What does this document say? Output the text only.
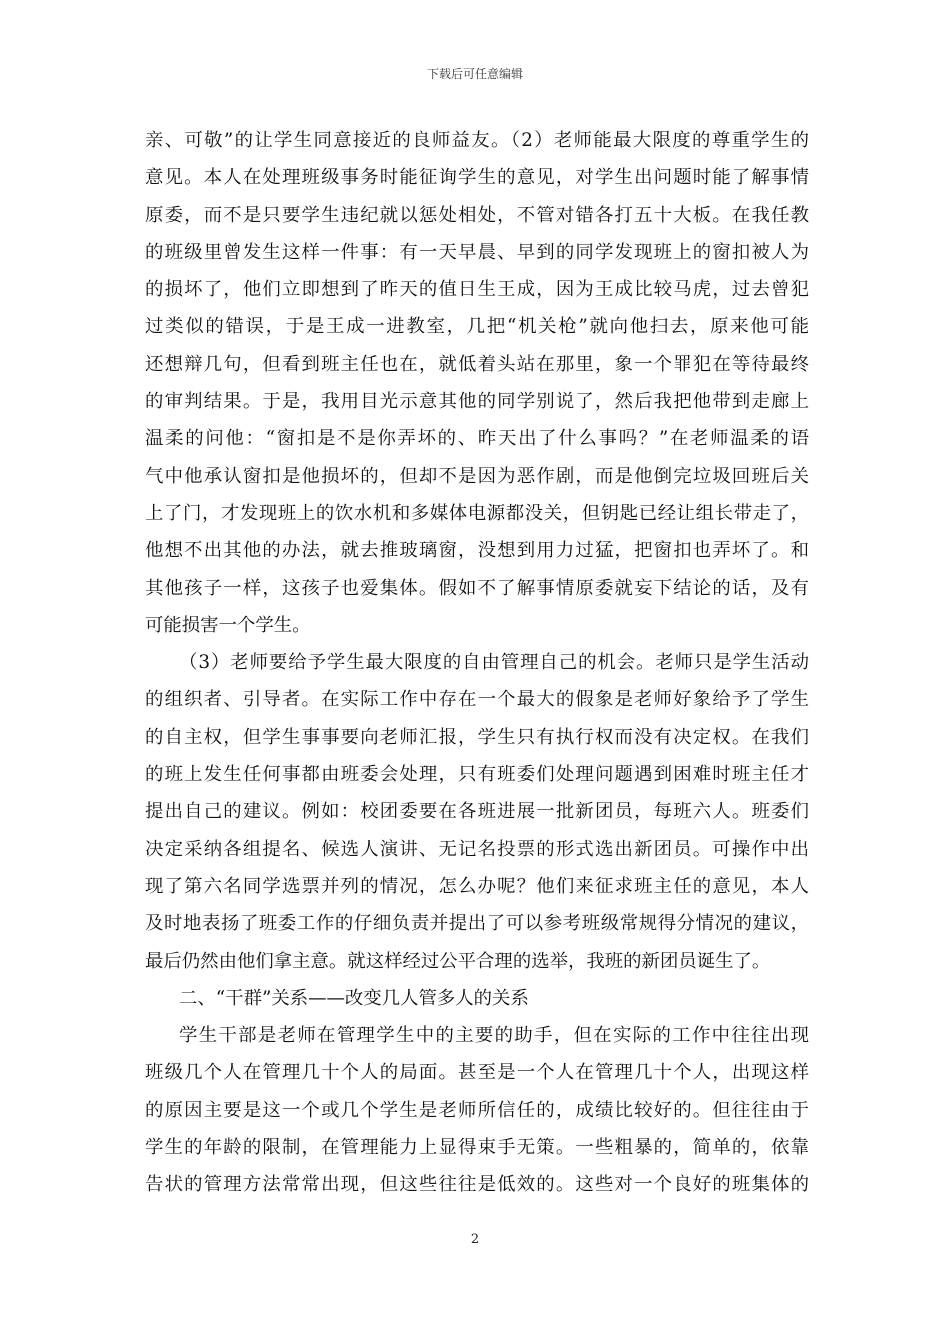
下载后可任意编辑
亲、可敬”的让学生同意接近的良师益友。（2）老师能最大限度的尊重学生的
意见。本人在处理班级事务时能征询学生的意见，对学生出问题时能了解事情
原委，而不是只要学生违纪就以惩处相处，不管对错各打五十大板。在我任教
的班级里曾发生这样一件事：有一天早晨、早到的同学发现班上的窗扣被人为
的损坏了，他们立即想到了昨天的值日生王成，因为王成比较马虎，过去曾犯
过类似的错误，于是王成一进教室，几把“机关枪”就向他扫去，原来他可能
还想辩几句，但看到班主任也在，就低着头站在那里，象一个罪犯在等待最终
的审判结果。于是，我用目光示意其他的同学别说了，然后我把他带到走廊上
温柔的问他：“窗扣是不是你弄坏的、昨天出了什么事吗？”在老师温柔的语
气中他承认窗扣是他损坏的，但却不是因为恶作剧，而是他倒完垃圾回班后关
上了门，才发现班上的饮水机和多媒体电源都没关，但钥匙已经让组长带走了，
他想不出其他的办法，就去推玻璃窗，没想到用力过猛，把窗扣也弄坏了。和
其他孩子一样，这孩子也爱集体。假如不了解事情原委就妄下结论的话，及有
可能损害一个学生。
（3）老师要给予学生最大限度的自由管理自己的机会。老师只是学生活动
的组织者、引导者。在实际工作中存在一个最大的假象是老师好象给予了学生
的自主权，但学生事事要向老师汇报，学生只有执行权而没有决定权。在我们
的班上发生任何事都由班委会处理，只有班委们处理问题遇到困难时班主任才
提出自己的建议。例如：校团委要在各班进展一批新团员，每班六人。班委们
决定采纳各组提名、候选人演讲、无记名投票的形式选出新团员。可操作中出
现了第六名同学选票并列的情况，怎么办呢？他们来征求班主任的意见，本人
及时地表扬了班委工作的仔细负责并提出了可以参考班级常规得分情况的建议，
最后仍然由他们拿主意。就这样经过公平合理的选举，我班的新团员诞生了。
二、“干群”关系——改变几人管多人的关系
学生干部是老师在管理学生中的主要的助手，但在实际的工作中往往出现
班级几个人在管理几十个人的局面。甚至是一个人在管理几十个人，出现这样
的原因主要是这一个或几个学生是老师所信任的，成绩比较好的。但往往由于
学生的年龄的限制，在管理能力上显得束手无策。一些粗暴的，简单的，依靠
告状的管理方法常常出现，但这些往往是低效的。这些对一个良好的班集体的
2
